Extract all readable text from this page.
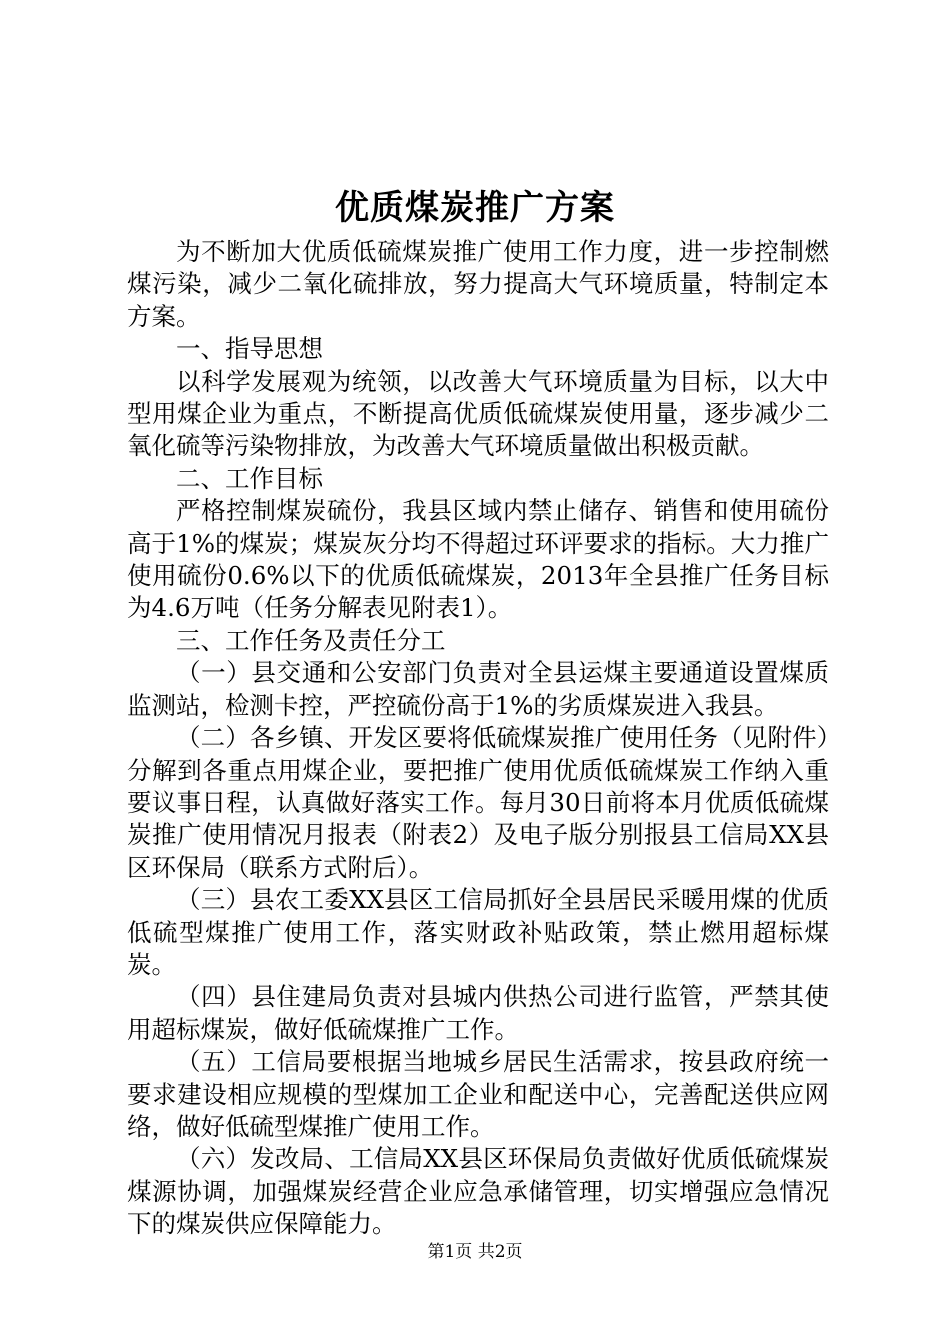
优质煤炭推广方案

为不断加大优质低硫煤炭推广使用工作力度，进一步控制燃煤污染，减少二氧化硫排放，努力提高大气环境质量，特制定本方案。

一、指导思想

以科学发展观为统领，以改善大气环境质量为目标，以大中型用煤企业为重点，不断提高优质低硫煤炭使用量，逐步减少二氧化硫等污染物排放，为改善大气环境质量做出积极贡献。

二、工作目标

严格控制煤炭硫份，我县区域内禁止储存、销售和使用硫份高于1%的煤炭；煤炭灰分均不得超过环评要求的指标。大力推广使用硫份0.6%以下的优质低硫煤炭，2013年全县推广任务目标为4.6万吨（任务分解表见附表1）。

三、工作任务及责任分工

（一）县交通和公安部门负责对全县运煤主要通道设置煤质监测站，检测卡控，严控硫份高于1%的劣质煤炭进入我县。

（二）各乡镇、开发区要将低硫煤炭推广使用任务（见附件）分解到各重点用煤企业，要把推广使用优质低硫煤炭工作纳入重要议事日程，认真做好落实工作。每月30日前将本月优质低硫煤炭推广使用情况月报表（附表2）及电子版分别报县工信局XX县区环保局（联系方式附后）。

（三）县农工委XX县区工信局抓好全县居民采暖用煤的优质低硫型煤推广使用工作，落实财政补贴政策，禁止燃用超标煤炭。

（四）县住建局负责对县城内供热公司进行监管，严禁其使用超标煤炭，做好低硫煤推广工作。

（五）工信局要根据当地城乡居民生活需求，按县政府统一要求建设相应规模的型煤加工企业和配送中心，完善配送供应网络，做好低硫型煤推广使用工作。

（六）发改局、工信局XX县区环保局负责做好优质低硫煤炭煤源协调，加强煤炭经营企业应急承储管理，切实增强应急情况下的煤炭供应保障能力。

第1页 共2页
